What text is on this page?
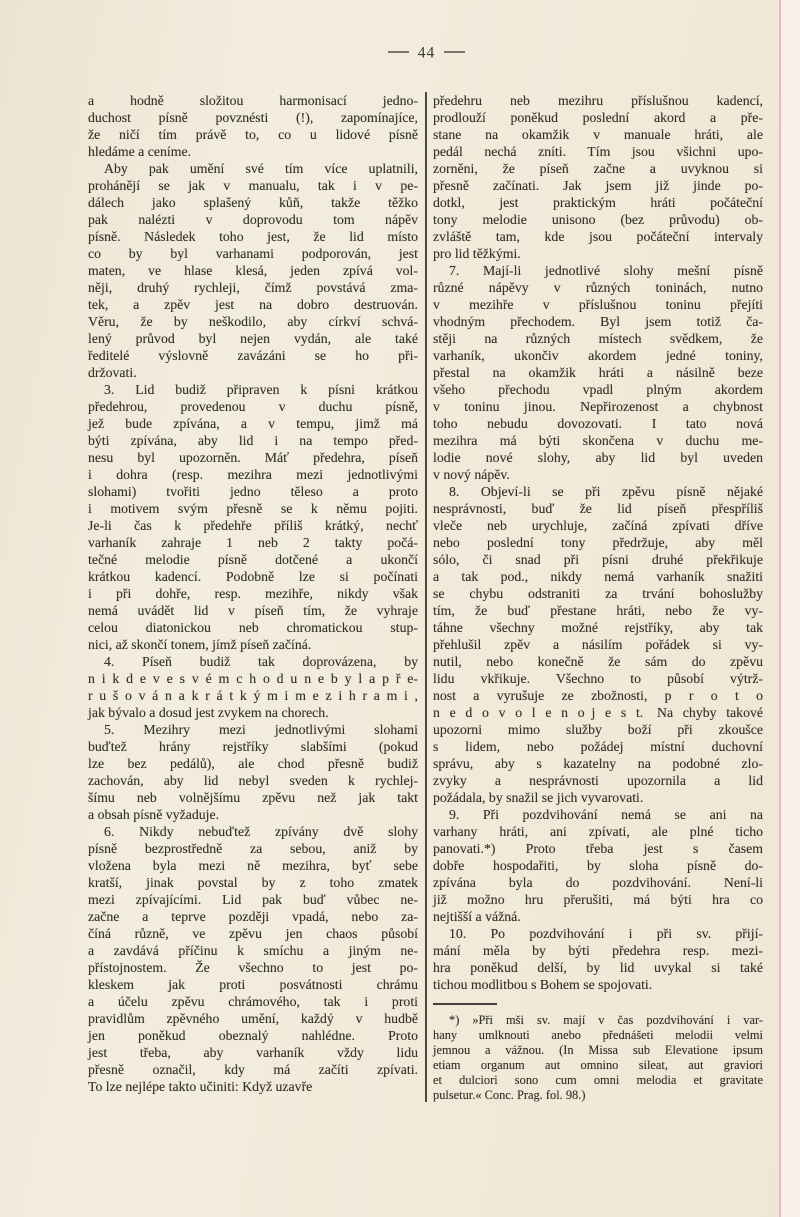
44
a hodně složitou harmonisací jedno-
duchost písně povznésti (!), zapomínajíce,
že ničí tím právě to, co u lidové písně
hledáme a ceníme.
Aby pak umění své tím více uplatnili,
prohánějí se jak v manualu, tak i v pe-
dálech jako splašený kůň, takže těžko
pak nalézti v doprovodu tom nápěv
písně. Následek toho jest, že lid místo
co by byl varhanami podporován, jest
maten, ve hlase klesá, jeden zpívá vol-
něji, druhý rychleji, čímž povstává zma-
tek, a zpěv jest na dobro destruován.
Věru, že by neškodilo, aby církví schvá-
lený průvod byl nejen vydán, ale také
ředitelé výslovně zavázáni se ho při-
držovati.
3. Lid budiž připraven k písni krátkou
předehrou, provedenou v duchu písně,
jež bude zpívána, a v tempu, jimž má
býti zpívána, aby lid i na tempo před-
nesu byl upozorněn. Máť předehra, píseň
i dohra (resp. mezihra mezi jednotlivými
slohami) tvořiti jedno těleso a proto
i motivem svým přesně se k němu pojiti.
Je-li čas k předehře příliš krátký, nechť
varhaník zahraje 1 neb 2 takty počá-
tečné melodie písně dotčené a ukončí
krátkou kadencí. Podobně lze si počínati
i při dohře, resp. mezihře, nikdy však
nemá uvádět lid v píseň tím, že vyhraje
celou diatonickou neb chromatickou stup-
nici, až skončí tonem, jímž píseň začíná.
4. Píseň budiž tak doprovázena, by
n i k d e v e s v é m c h o d u n e b y l a p ř e-
r u š o v á n a k r á t k ý m i m e z i h r a m i ,
jak bývalo a dosud jest zvykem na chorech.
5. Mezihry mezi jednotlivými slohami
buďtež hrány rejstříky slabšími (pokud
lze bez pedálů), ale chod přesně budiž
zachován, aby lid nebyl sveden k rychlej-
šímu neb volnějšímu zpěvu než jak takt
a obsah písně vyžaduje.
6. Nikdy nebuďtež zpívány dvě slohy
písně bezprostředně za sebou, aniž by
vložena byla mezi ně mezihra, byť sebe
kratší, jinak povstal by z toho zmatek
mezi zpívajícími. Lid pak buď vůbec ne-
začne a teprve později vpadá, nebo za-
číná různě, ve zpěvu jen chaos působí
a zavdává příčinu k smíchu a jiným ne-
přístojnostem. Že všechno to jest po-
kleskem jak proti posvátnosti chrámu
a účelu zpěvu chrámového, tak i proti
pravidlům zpěvného umění, každý v hudbě
jen poněkud obeznalý nahlédne. Proto
jest třeba, aby varhaník vždy lidu
přesně označil, kdy má začíti zpívati.
To lze nejlépe takto učiniti: Když uzavře
předehru neb mezihru příslušnou kadencí,
prodlouží poněkud poslední akord a pře-
stane na okamžik v manuale hráti, ale
pedál nechá zníti. Tím jsou všichni upo-
zorněni, že píseň začne a uvyknou si
přesně začínati. Jak jsem již jinde po-
dotkl, jest praktickým hráti počáteční
tony melodie unisono (bez průvodu) ob-
zvláště tam, kde jsou počáteční intervaly
pro lid těžkými.
7. Mají-li jednotlivé slohy mešní písně
různé nápěvy v různých toninách, nutno
v mezihře v příslušnou toninu přejíti
vhodným přechodem. Byl jsem totiž ča-
stěji na různých místech svědkem, že
varhaník, ukončiv akordem jedné toniny,
přestal na okamžik hráti a násilně beze
všeho přechodu vpadl plným akordem
v toninu jinou. Nepřirozenost a chybnost
toho nebudu dovozovati. I tato nová
mezihra má býti skončena v duchu me-
lodie nové slohy, aby lid byl uveden
v nový nápěv.
8. Objeví-li se při zpěvu písně nějaké
nesprávnosti, buď že lid píseň přespříliš
vleče neb urychluje, začíná zpívati dříve
nebo poslední tony předržuje, aby měl
sólo, či snad při písni druhé překřikuje
a tak pod., nikdy nemá varhaník snažiti
se chybu odstraniti za trvání bohoslužby
tím, že buď přestane hráti, nebo že vy-
táhne všechny možné rejstříky, aby tak
přehlušil zpěv a násilím pořádek si vy-
nutil, nebo konečně že sám do zpěvu
lidu vkřikuje. Všechno to působí výtrž-
nost a vyrušuje ze zbožnosti, p r o t o
n e d o v o l e n o j e s t.  Na chyby takové
upozorni mimo služby boží při zkoušce
s lidem, nebo požádej místní duchovní
správu, aby s kazatelny na podobné zlo-
zvyky a nesprávnosti upozornila a lid
požádala, by snažil se jich vyvarovati.
9. Při pozdvihování nemá se ani na
varhany hráti, ani zpívati, ale plné ticho
panovati.*) Proto třeba jest s časem
dobře hospodařiti, by sloha písně do-
zpívána byla do pozdvihování. Není-li
již možno hru přerušiti, má býti hra co
nejtišší a vážná.
10. Po pozdvihování i při sv. přijí-
mání měla by býti předehra resp. mezi-
hra poněkud delší, by lid uvykal si také
tichou modlitbou s Bohem se spojovati.
*) »Při mši sv. mají v čas pozdvihování i var-
hany umlknouti anebo přednášeti melodii velmi
jemnou a vážnou. (In Missa sub Elevatione ipsum
etiam organum aut omnino sileat, aut graviori
et dulciori sono cum omni melodia et gravitate
pulsetur.« Conc. Prag. fol. 98.)
